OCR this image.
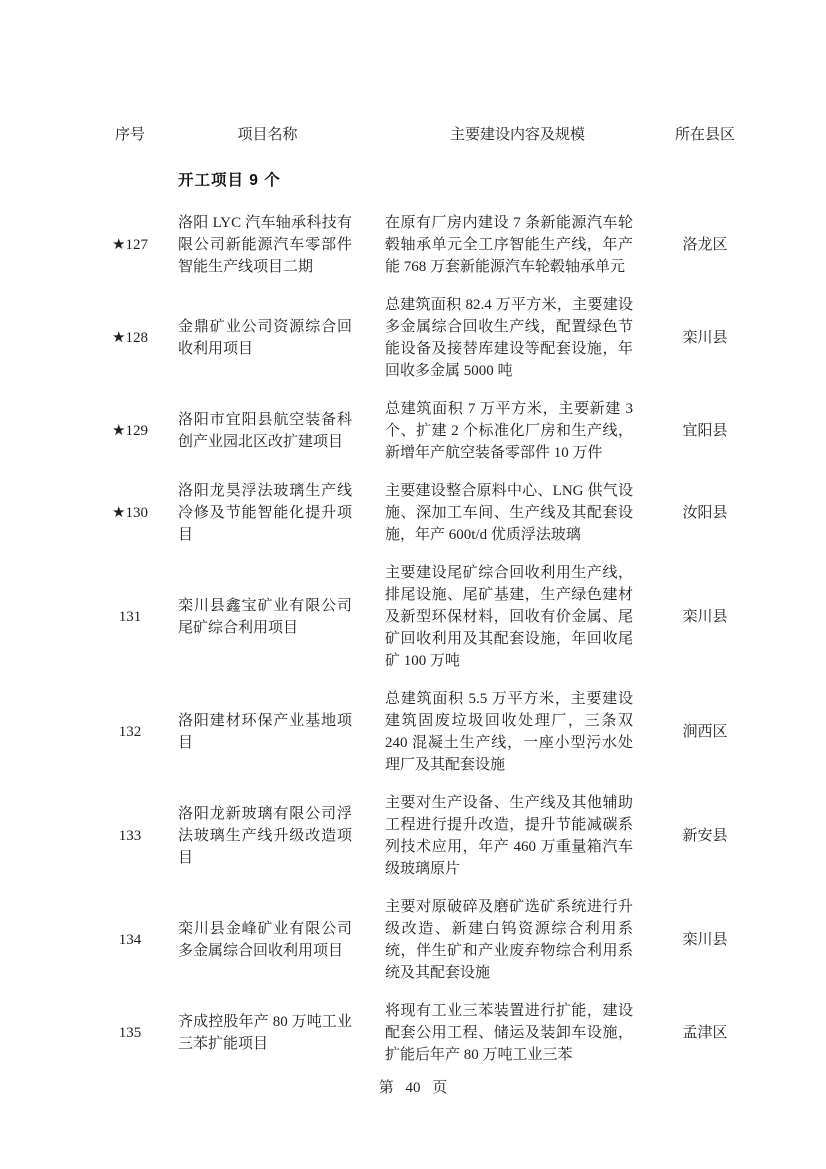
序号	项目名称	主要建设内容及规模	所在县区
开工项目 9 个			
★127	洛阳 LYC 汽车轴承科技有限公司新能源汽车零部件智能生产线项目二期	在原有厂房内建设 7 条新能源汽车轮毂轴承单元全工序智能生产线，年产能 768 万套新能源汽车轮毂轴承单元	洛龙区
★128	金鼎矿业公司资源综合回收利用项目	总建筑面积 82.4 万平方米，主要建设多金属综合回收生产线，配置绿色节能设备及接替库建设等配套设施，年回收多金属 5000 吨	栾川县
★129	洛阳市宜阳县航空装备科创产业园北区改扩建项目	总建筑面积 7 万平方米，主要新建 3 个、扩建 2 个标准化厂房和生产线，新增年产航空装备零部件 10 万件	宜阳县
★130	洛阳龙昊浮法玻璃生产线冷修及节能智能化提升项目	主要建设整合原料中心、LNG 供气设施、深加工车间、生产线及其配套设施，年产 600t/d 优质浮法玻璃	汝阳县
131	栾川县鑫宝矿业有限公司尾矿综合利用项目	主要建设尾矿综合回收利用生产线，排尾设施、尾矿基建，生产绿色建材及新型环保材料，回收有价金属、尾矿回收利用及其配套设施，年回收尾矿 100 万吨	栾川县
132	洛阳建材环保产业基地项目	总建筑面积 5.5 万平方米，主要建设建筑固废垃圾回收处理厂，三条双 240 混凝土生产线，一座小型污水处理厂及其配套设施	涧西区
133	洛阳龙新玻璃有限公司浮法玻璃生产线升级改造项目	主要对生产设备、生产线及其他辅助工程进行提升改造，提升节能减碳系列技术应用，年产 460 万重量箱汽车级玻璃原片	新安县
134	栾川县金峰矿业有限公司多金属综合回收利用项目	主要对原破碎及磨矿选矿系统进行升级改造、新建白钨资源综合利用系统，伴生矿和产业废弃物综合利用系统及其配套设施	栾川县
135	齐成控股年产 80 万吨工业三苯扩能项目	将现有工业三苯装置进行扩能，建设配套公用工程、储运及装卸车设施，扩能后年产 80 万吨工业三苯	孟津区
第 40 页
